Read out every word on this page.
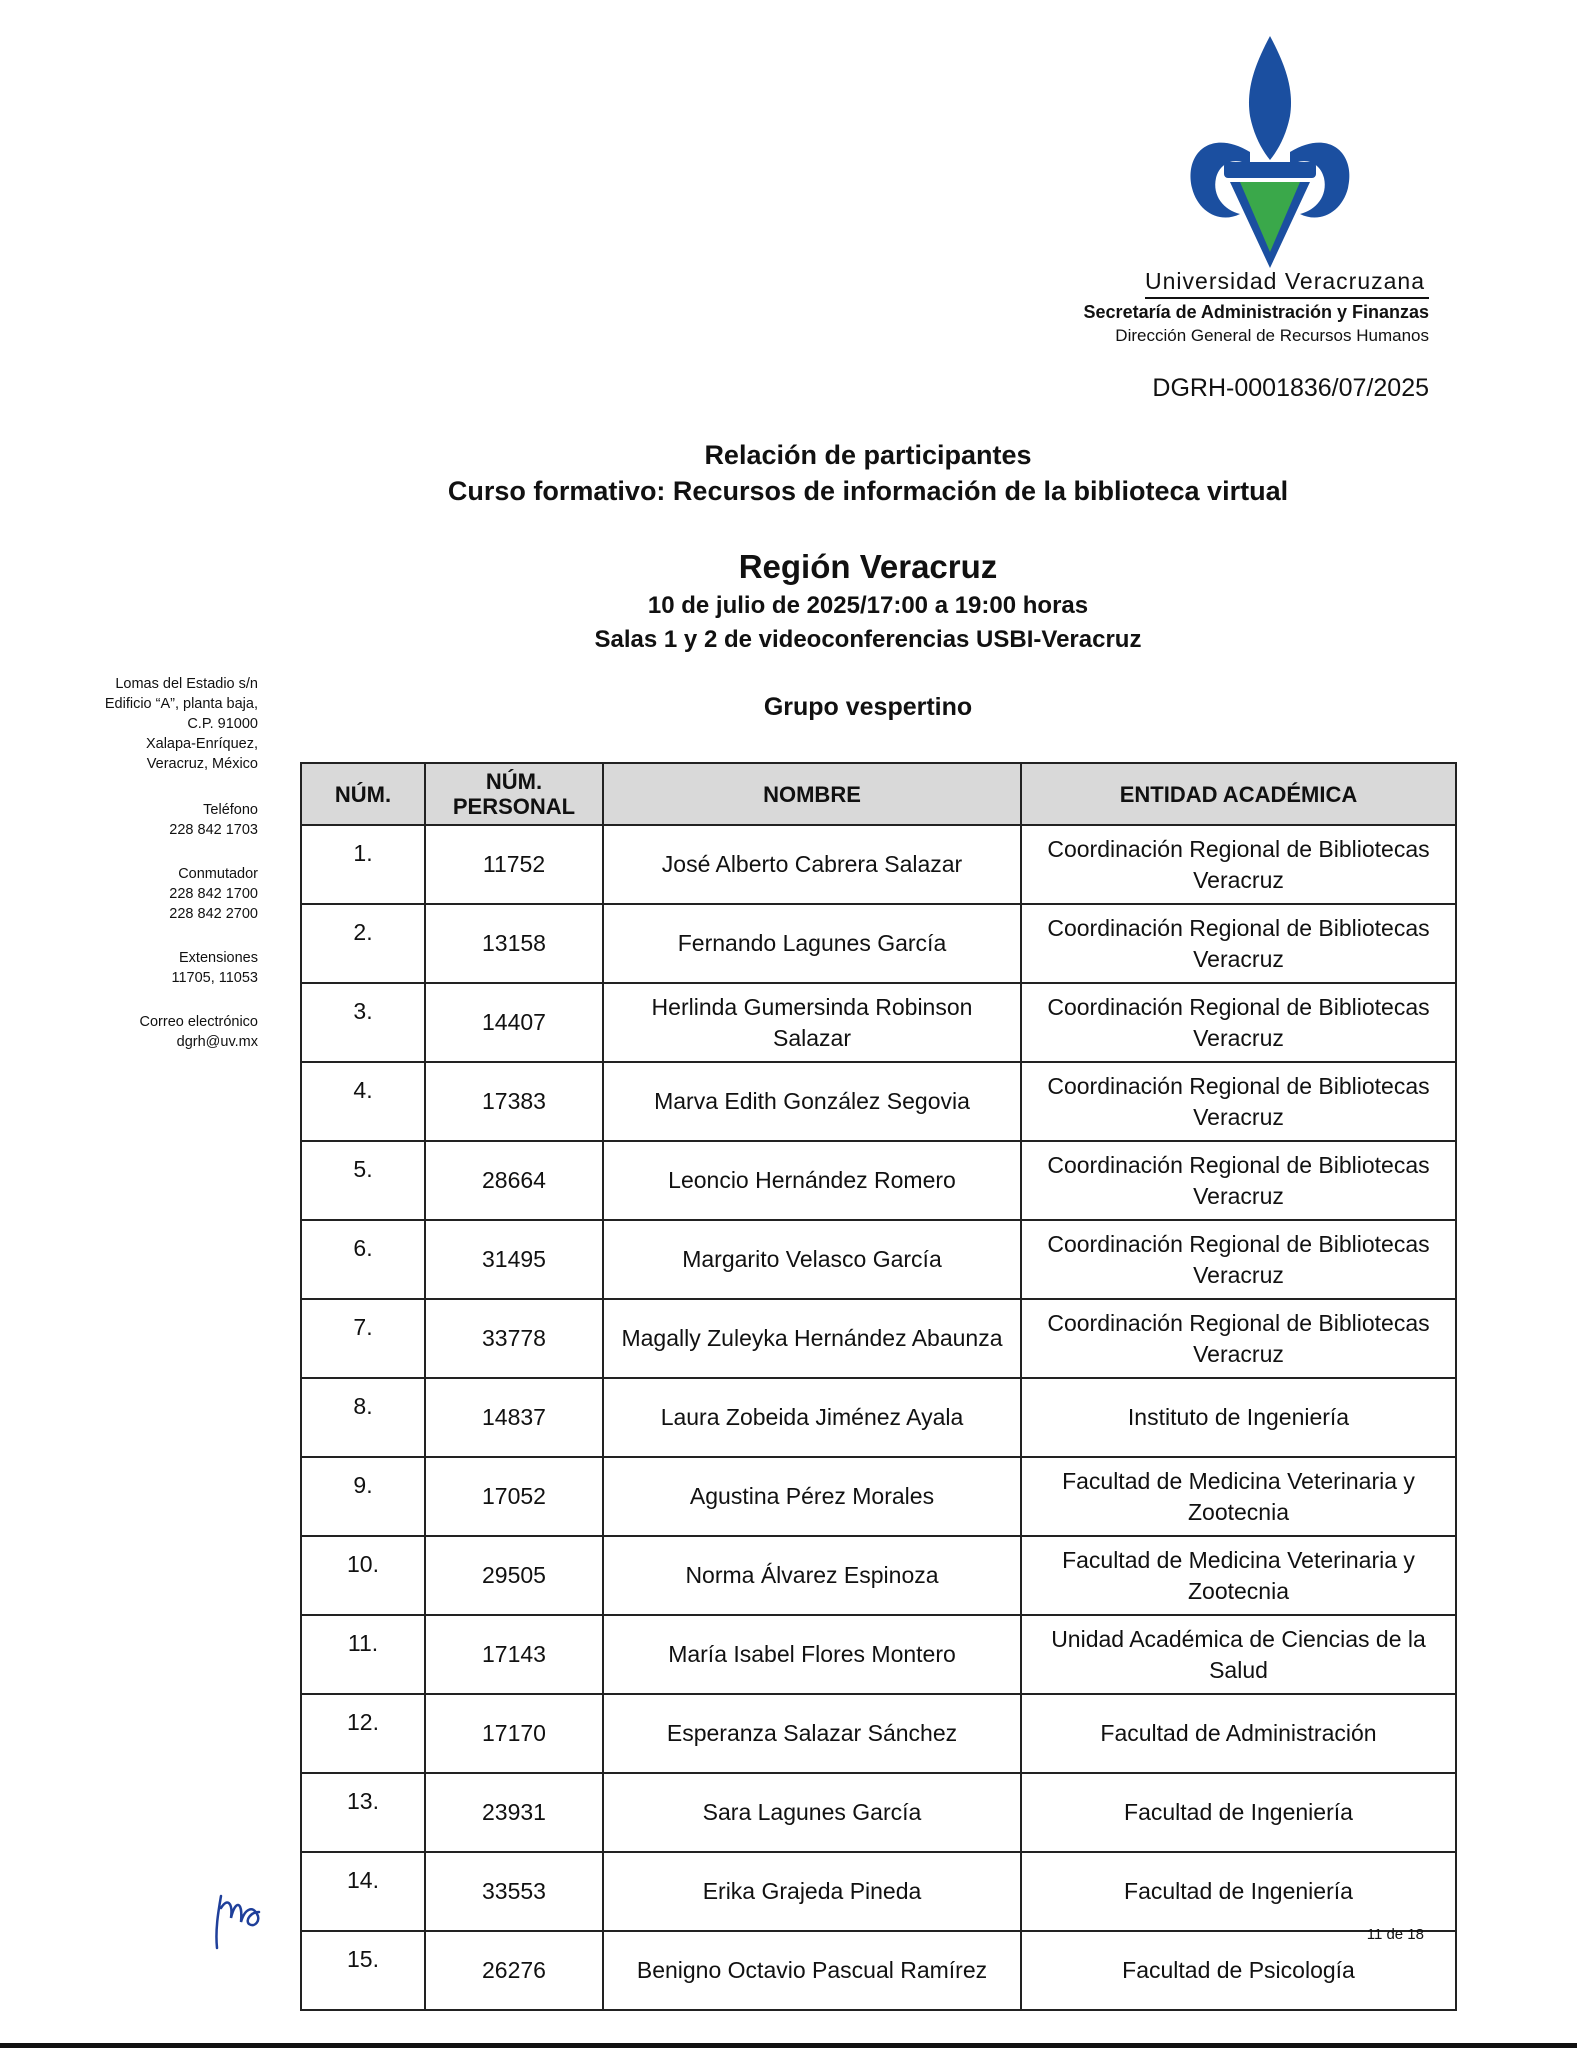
Universidad Veracruzana
Secretaría de Administración y Finanzas
Dirección General de Recursos Humanos
DGRH-0001836/07/2025
Relación de participantes
Curso formativo: Recursos de información de la biblioteca virtual
Región Veracruz
10 de julio de 2025/17:00 a 19:00 horas
Salas 1 y 2 de videoconferencias USBI-Veracruz
Grupo vespertino
Lomas del Estadio s/n
Edificio “A”, planta baja,
C.P. 91000
Xalapa-Enríquez,
Veracruz, México
Teléfono
228 842 1703
Conmutador
228 842 1700
228 842 2700
Extensiones
11705, 11053
Correo electrónico
dgrh@uv.mx
NÚM.	NÚM. PERSONAL	NOMBRE	ENTIDAD ACADÉMICA
1.	11752	José Alberto Cabrera Salazar	Coordinación Regional de Bibliotecas Veracruz
2.	13158	Fernando Lagunes García	Coordinación Regional de Bibliotecas Veracruz
3.	14407	Herlinda Gumersinda Robinson Salazar	Coordinación Regional de Bibliotecas Veracruz
4.	17383	Marva Edith González Segovia	Coordinación Regional de Bibliotecas Veracruz
5.	28664	Leoncio Hernández Romero	Coordinación Regional de Bibliotecas Veracruz
6.	31495	Margarito Velasco García	Coordinación Regional de Bibliotecas Veracruz
7.	33778	Magally Zuleyka Hernández Abaunza	Coordinación Regional de Bibliotecas Veracruz
8.	14837	Laura Zobeida Jiménez Ayala	Instituto de Ingeniería
9.	17052	Agustina Pérez Morales	Facultad de Medicina Veterinaria y Zootecnia
10.	29505	Norma Álvarez Espinoza	Facultad de Medicina Veterinaria y Zootecnia
11.	17143	María Isabel Flores Montero	Unidad Académica de Ciencias de la Salud
12.	17170	Esperanza Salazar Sánchez	Facultad de Administración
13.	23931	Sara Lagunes García	Facultad de Ingeniería
14.	33553	Erika Grajeda Pineda	Facultad de Ingeniería
15.	26276	Benigno Octavio Pascual Ramírez	Facultad de Psicología
11 de 18
